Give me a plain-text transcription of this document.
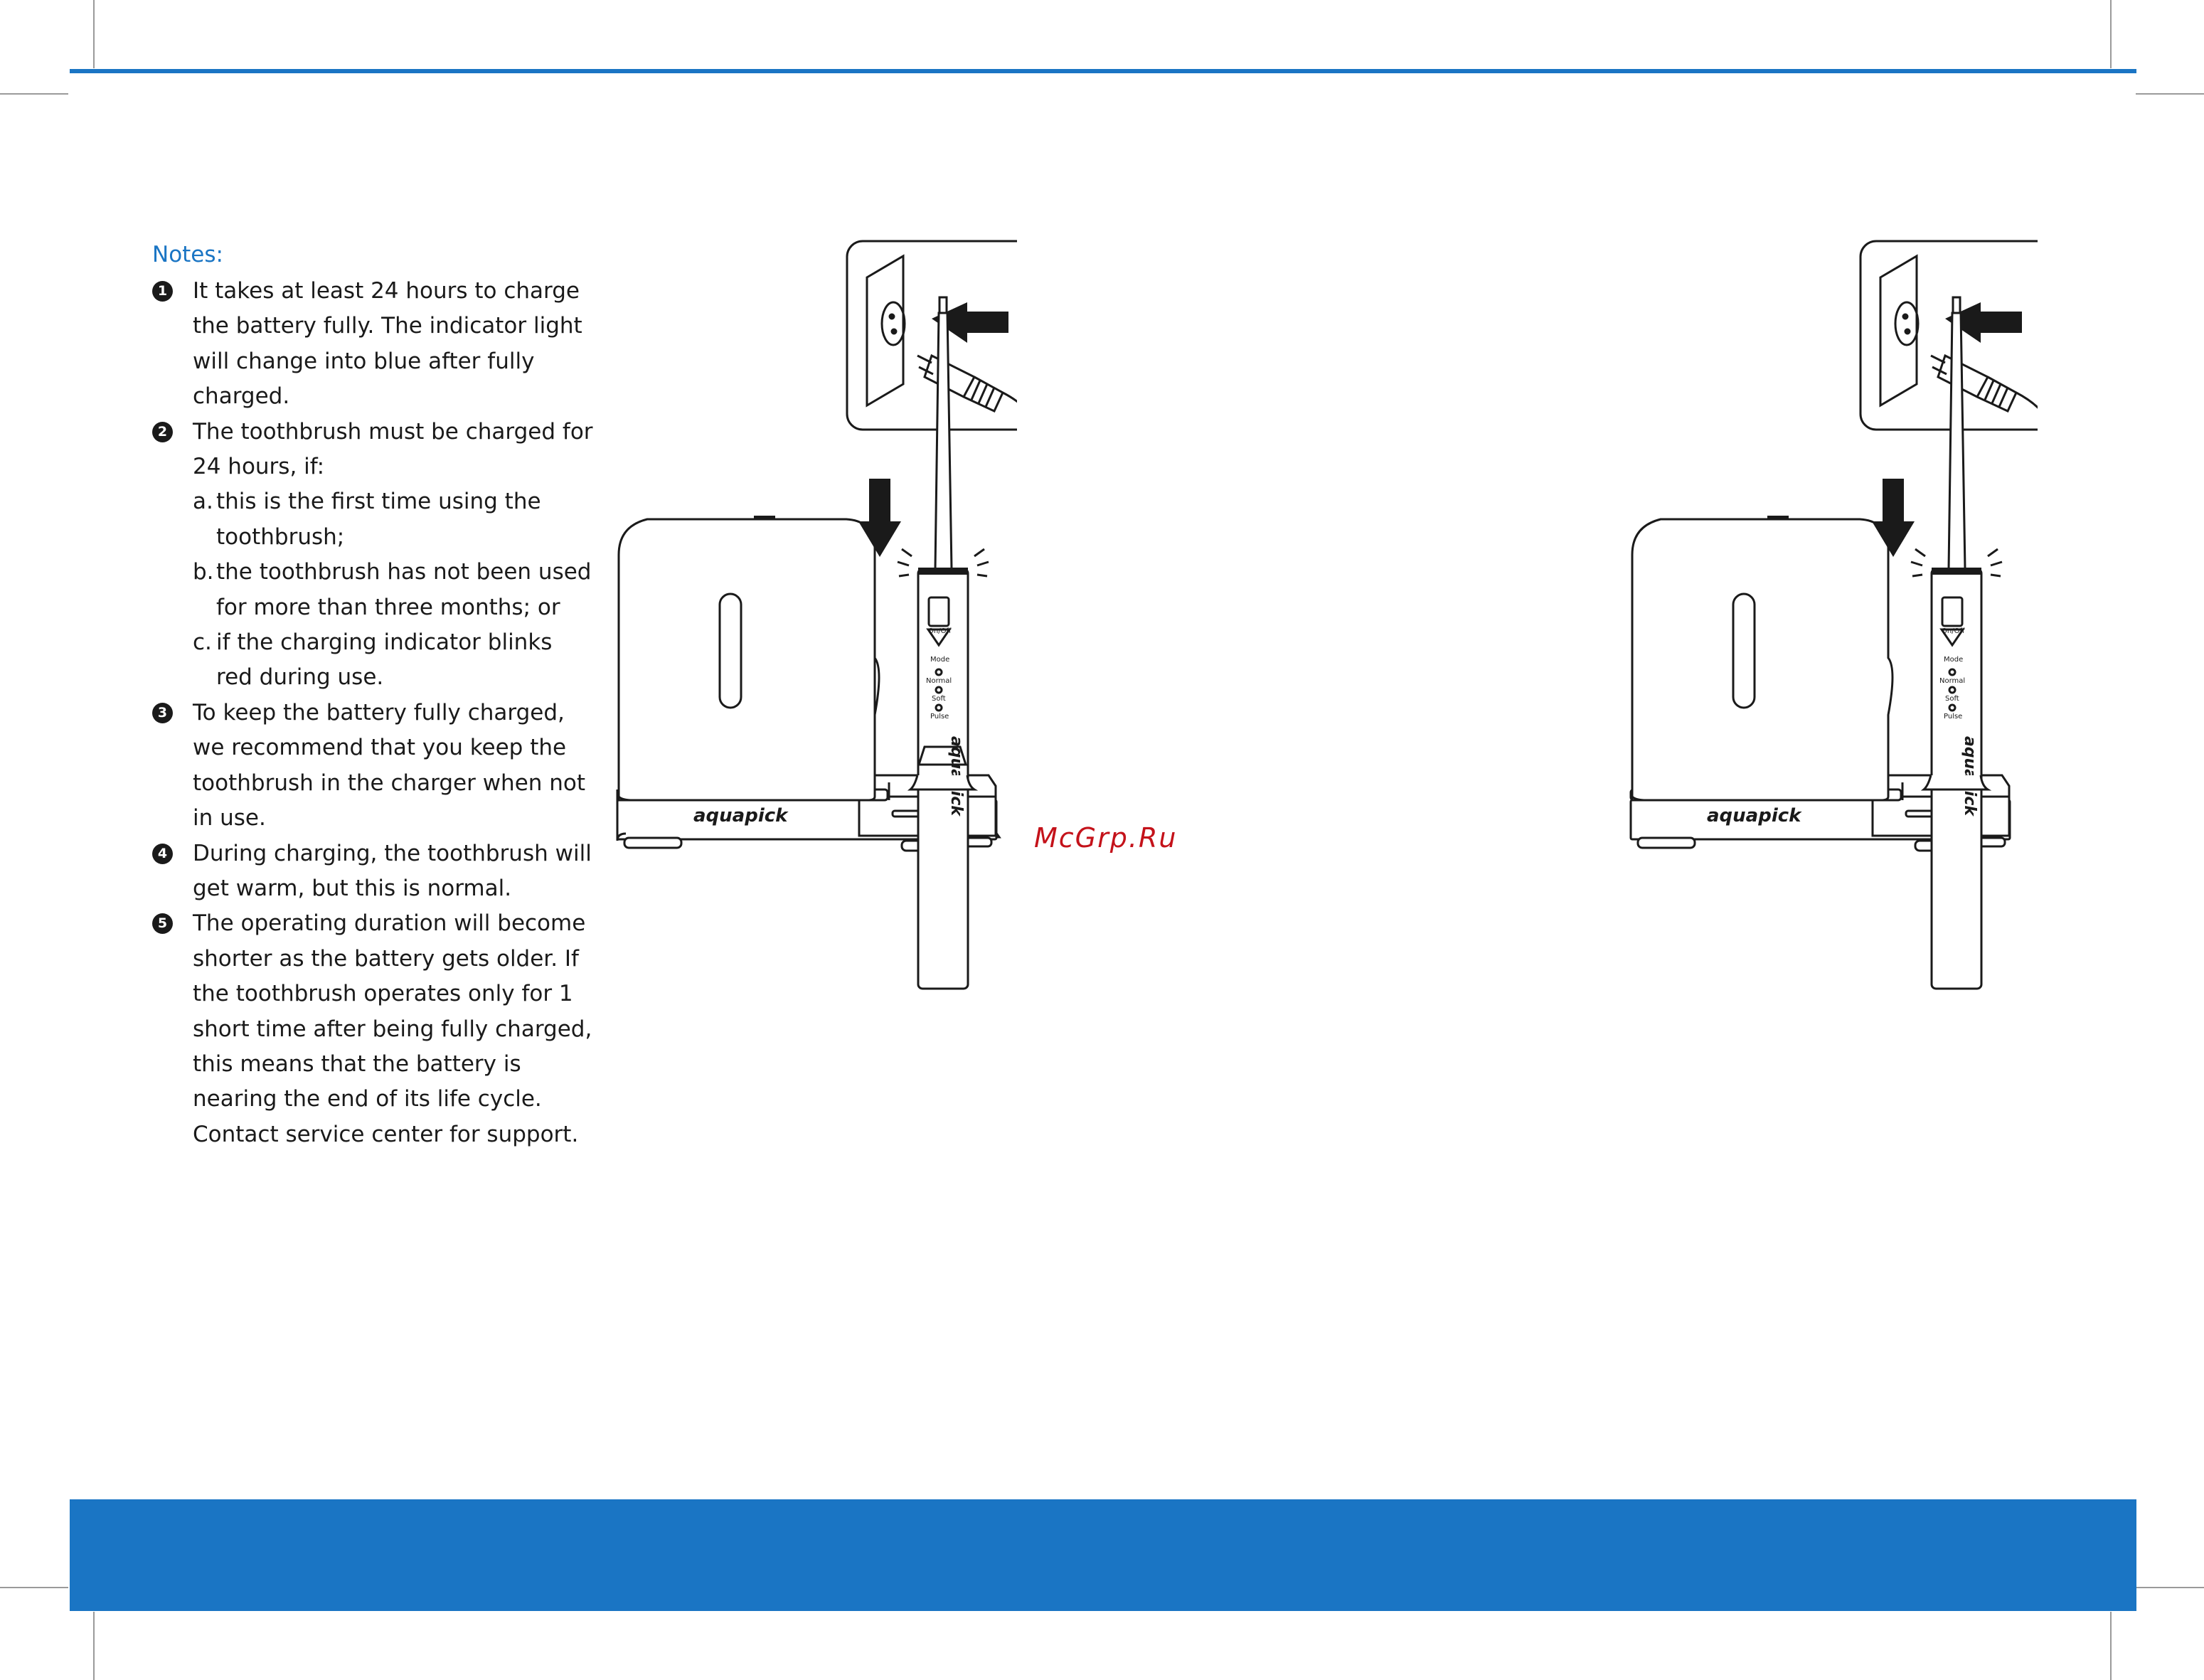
Notes:
1 It takes at least 24 hours to charge the battery fully. The indicator light will change into blue after fully charged.
2 The toothbrush must be charged for 24 hours, if:
a. this is the first time using the toothbrush;
b. the toothbrush has not been used for more than three months; or
c. if the charging indicator blinks red during use.
3 To keep the battery fully charged, we recommend that you keep the toothbrush in the charger when not in use.
4 During charging, the toothbrush will get warm, but this is normal.
5 The operating duration will become shorter as the battery gets older. If the toothbrush operates only for 1 short time after being fully charged, this means that the battery is nearing the end of its life cycle. Contact service center for support.
McGrp.Ru
aquapick
On/Off
Mode
Normal
Soft
Pulse
aquapick
On/Off
Mode
Normal
Soft
Pulse
